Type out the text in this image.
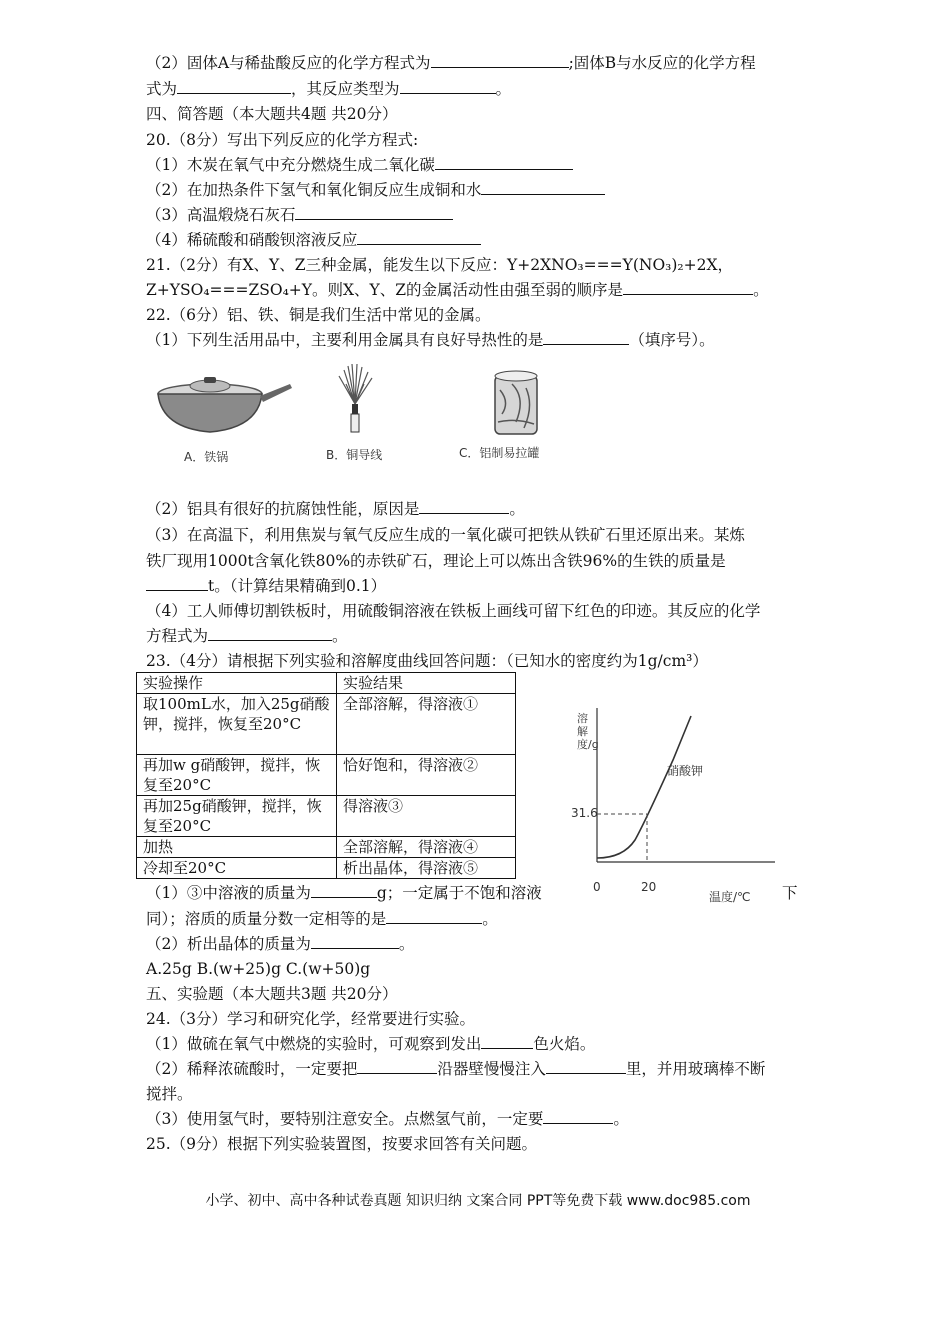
（2）固体A与稀盐酸反应的化学方程式为	;固体B与水反应的化学方程
式为	，其反应类型为	。
四、简答题（本大题共4题 共20分）
20.（8分）写出下列反应的化学方程式:
（1）木炭在氧气中充分燃烧生成二氧化碳
（2）在加热条件下氢气和氧化铜反应生成铜和水
（3）高温煅烧石灰石
（4）稀硫酸和硝酸钡溶液反应
21.（2分）有X、Y、Z三种金属，能发生以下反应：Y+2XNO₃===Y(NO₃)₂+2X，
Z+YSO₄===ZSO₄+Y。则X、Y、Z的金属活动性由强至弱的顺序是	。
22.（6分）铝、铁、铜是我们生活中常见的金属。
（1）下列生活用品中，主要利用金属具有良好导热性的是	（填序号）。
A．铁锅	B．铜导线	C．铝制易拉罐
（2）铝具有很好的抗腐蚀性能，原因是	。
（3）在高温下，利用焦炭与氧气反应生成的一氧化碳可把铁从铁矿石里还原出来。某炼
铁厂现用1000t含氧化铁80%的赤铁矿石，理论上可以炼出含铁96%的生铁的质量是
t。（计算结果精确到0.1）
（4）工人师傅切割铁板时，用硫酸铜溶液在铁板上画线可留下红色的印迹。其反应的化学
方程式为	。
23.（4分）请根据下列实验和溶解度曲线回答问题：（已知水的密度约为1g/cm³）
实验操作	实验结果
取100mL水，加入25g硝酸钾，搅拌，恢复至20°C	全部溶解，得溶液①
再加w g硝酸钾，搅拌，恢复至20°C	恰好饱和，得溶液②
再加25g硝酸钾，搅拌，恢复至20°C	得溶液③
加热	全部溶解，得溶液④
冷却至20°C	析出晶体，得溶液⑤
溶解度/g
硝酸钾
31.6
0	20
温度/℃
（1）③中溶液的质量为	g；一定属于不饱和溶液	下
同）；溶质的质量分数一定相等的是	。
（2）析出晶体的质量为	。
A.25g B.(w+25)g C.(w+50)g
五、实验题（本大题共3题 共20分）
24.（3分）学习和研究化学，经常要进行实验。
（1）做硫在氧气中燃烧的实验时，可观察到发出	色火焰。
（2）稀释浓硫酸时，一定要把	沿器壁慢慢注入	里，并用玻璃棒不断
搅拌。
（3）使用氢气时，要特别注意安全。点燃氢气前，一定要	。
25.（9分）根据下列实验装置图，按要求回答有关问题。
小学、初中、高中各种试卷真题 知识归纳 文案合同 PPT等免费下载 www.doc985.com
